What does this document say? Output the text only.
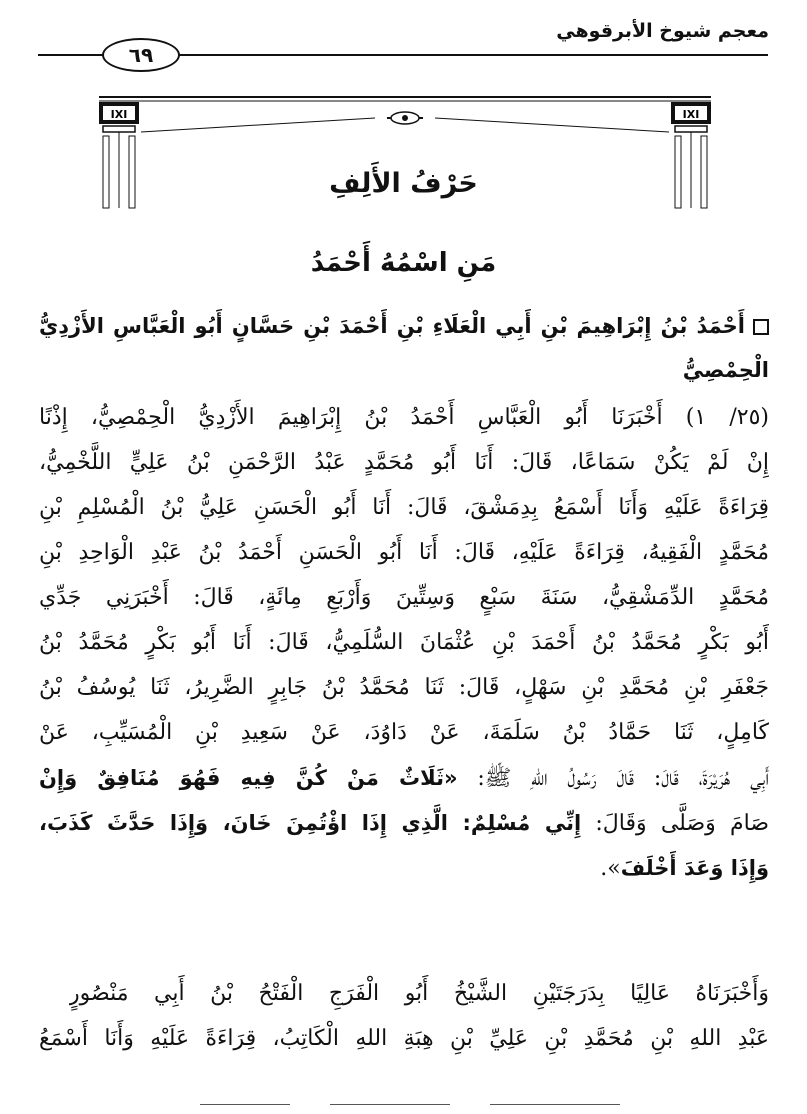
معجم شيوخ الأبرقوهي
٦٩
IXI	IXI
حَرْفُ الأَلِفِ
مَنِ اسْمُهُ أَحْمَدُ
أَحْمَدُ بْنُ إِبْرَاهِيمَ بْنِ أَبِي الْعَلَاءِ بْنِ أَحْمَدَ بْنِ حَسَّانٍ أَبُو الْعَبَّاسِ الأَزْدِيُّ
الْحِمْصِيُّ
(٢٥/ ١) أَخْبَرَنَا أَبُو الْعَبَّاسِ أَحْمَدُ بْنُ إِبْرَاهِيمَ الأَزْدِيُّ الْحِمْصِيُّ، إِذْنًا
إِنْ لَمْ يَكُنْ سَمَاعًا، قَالَ: أَنَا أَبُو مُحَمَّدٍ عَبْدُ الرَّحْمَنِ بْنُ عَلِيٍّ اللَّخْمِيُّ،
قِرَاءَةً عَلَيْهِ وَأَنَا أَسْمَعُ بِدِمَشْقَ، قَالَ: أَنَا أَبُو الْحَسَنِ عَلِيُّ بْنُ الْمُسْلِمِ بْنِ
مُحَمَّدٍ الْفَقِيهُ، قِرَاءَةً عَلَيْهِ، قَالَ: أَنَا أَبُو الْحَسَنِ أَحْمَدُ بْنُ عَبْدِ الْوَاحِدِ بْنِ
مُحَمَّدٍ الدِّمَشْقِيُّ، سَنَةَ سَبْعٍ وَسِتِّينَ وَأَرْبَعِ مِائَةٍ، قَالَ: أَخْبَرَنِي جَدِّي
أَبُو بَكْرٍ مُحَمَّدُ بْنُ أَحْمَدَ بْنِ عُثْمَانَ السُّلَمِيُّ، قَالَ: أَنَا أَبُو بَكْرٍ مُحَمَّدُ بْنُ
جَعْفَرِ بْنِ مُحَمَّدِ بْنِ سَهْلٍ، قَالَ: ثَنَا مُحَمَّدُ بْنُ جَابِرٍ الضَّرِيرُ، ثَنَا يُوسُفُ بْنُ
كَامِلٍ، ثَنَا حَمَّادُ بْنُ سَلَمَةَ، عَنْ دَاوُدَ، عَنْ سَعِيدِ بْنِ الْمُسَيِّبِ، عَنْ
أَبِي هُرَيْرَةَ، قَالَ: قَالَ رَسُولُ اللهِ ﷺ: «ثَلَاثٌ مَنْ كُنَّ فِيهِ فَهُوَ مُنَافِقٌ وَإِنْ
صَامَ وَصَلَّى وَقَالَ: إِنِّي مُسْلِمٌ: الَّذِي إِذَا اؤْتُمِنَ خَانَ، وَإِذَا حَدَّثَ كَذَبَ،
وَإِذَا وَعَدَ أَخْلَفَ».
وَأَخْبَرَنَاهُ عَالِيًا بِدَرَجَتَيْنِ الشَّيْخُ أَبُو الْفَرَجِ الْفَتْحُ بْنُ أَبِي مَنْصُورٍ
عَبْدِ اللهِ بْنِ مُحَمَّدِ بْنِ عَلِيِّ بْنِ هِبَةِ اللهِ الْكَاتِبُ، قِرَاءَةً عَلَيْهِ وَأَنَا أَسْمَعُ
